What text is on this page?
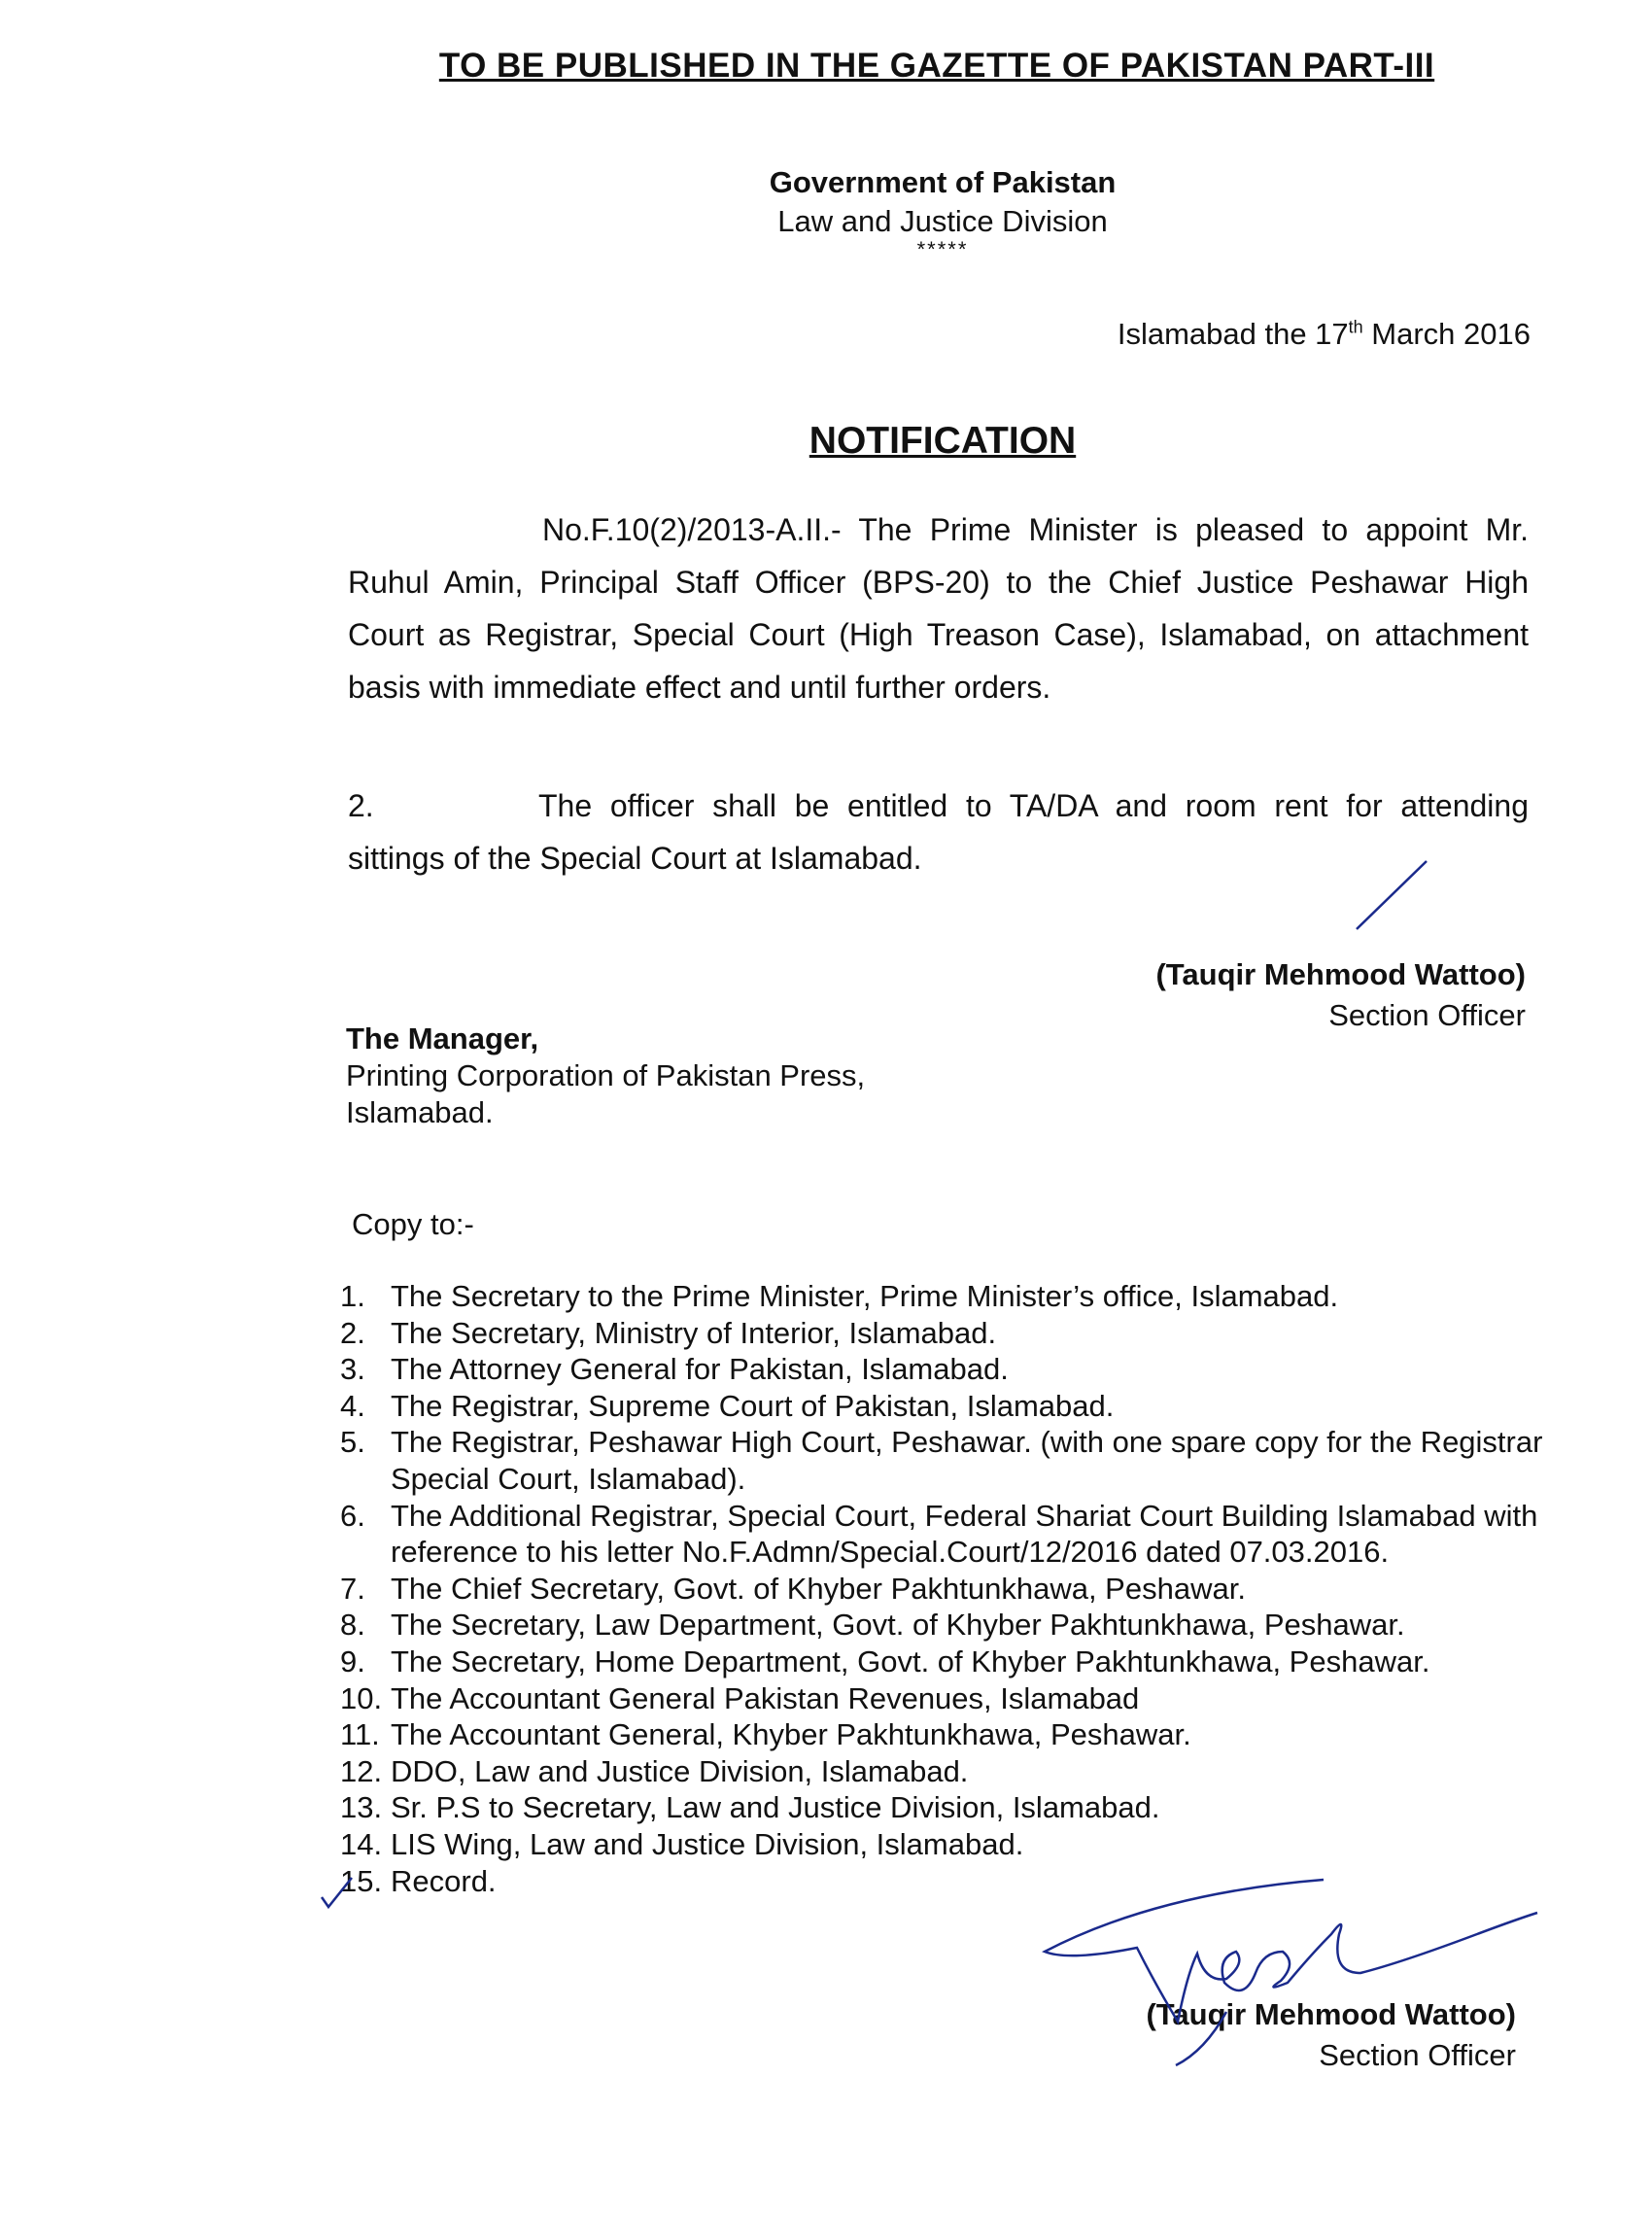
TO BE PUBLISHED IN THE GAZETTE OF PAKISTAN PART-III
Government of Pakistan
Law and Justice Division
*****
Islamabad the 17th March 2016
NOTIFICATION
No.F.10(2)/2013-A.II.- The Prime Minister is pleased to appoint Mr. Ruhul Amin, Principal Staff Officer (BPS-20) to the Chief Justice Peshawar High Court as Registrar, Special Court (High Treason Case), Islamabad, on attachment basis with immediate effect and until further orders.
2.	The officer shall be entitled to TA/DA and room rent for attending sittings of the Special Court at Islamabad.
(Tauqir Mehmood Wattoo)
Section Officer
The Manager,
Printing Corporation of Pakistan Press,
Islamabad.
Copy to:-
1. The Secretary to the Prime Minister, Prime Minister’s office, Islamabad.
2. The Secretary, Ministry of Interior, Islamabad.
3. The Attorney General for Pakistan, Islamabad.
4. The Registrar, Supreme Court of Pakistan, Islamabad.
5. The Registrar, Peshawar High Court, Peshawar. (with one spare copy for the Registrar Special Court, Islamabad).
6. The Additional Registrar, Special Court, Federal Shariat Court Building Islamabad with reference to his letter No.F.Admn/Special.Court/12/2016 dated 07.03.2016.
7. The Chief Secretary, Govt. of Khyber Pakhtunkhawa, Peshawar.
8. The Secretary, Law Department, Govt. of Khyber Pakhtunkhawa, Peshawar.
9. The Secretary, Home Department, Govt. of Khyber Pakhtunkhawa, Peshawar.
10. The Accountant General Pakistan Revenues, Islamabad
11. The Accountant General, Khyber Pakhtunkhawa, Peshawar.
12. DDO, Law and Justice Division, Islamabad.
13. Sr. P.S to Secretary, Law and Justice Division, Islamabad.
14. LIS Wing, Law and Justice Division, Islamabad.
15. Record.
(Tauqir Mehmood Wattoo)
Section Officer
